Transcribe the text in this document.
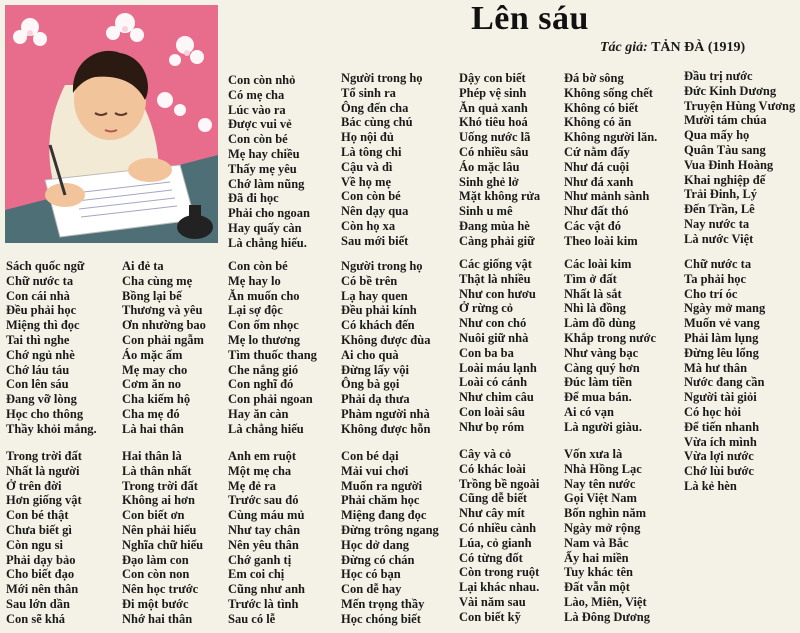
Lên sáu
Tác giả: TẢN ĐÀ (1919)
Con còn nhỏ
Có mẹ cha
Lúc vào ra
Được vui vẻ
Con còn bé
Mẹ hay chiều
Thấy mẹ yêu
Chớ làm nũng
Đã đi học
Phải cho ngoan
Hay quấy càn
Là chẳng hiếu.
Người trong họ
Tổ sinh ra
Ông đến cha
Bác cùng chú
Họ nội đủ
Là tông chi
Cậu và dì
Về họ mẹ
Con còn bé
Nên dạy qua
Còn họ xa
Sau mới biết
Dậy con biết
Phép vệ sinh
Ăn quả xanh
Khó tiêu hoá
Uống nước lã
Có nhiều sâu
Áo mặc lâu
Sinh ghẻ lở
Mặt không rửa
Sinh u mê
Đang mùa hè
Càng phải giữ
Đá bờ sông
Không sống chết
Không có biết
Không có ăn
Không người lăn.
Cứ nằm đấy
Như đá cuội
Như đá xanh
Như mảnh sành
Như đất thó
Các vật đó
Theo loài kim
Đầu trị nước
Đức Kinh Dương
Truyện Hùng Vương
Mười tám chúa
Qua mấy họ
Quân Tàu sang
Vua Đinh Hoàng
Khai nghiệp đế
Trải Đinh, Lý
Đến Trần, Lê
Nay nước ta
Là nước Việt
Sách quốc ngữ
Chữ nước ta
Con cái nhà
Đều phải học
Miệng thì đọc
Tai thì nghe
Chớ ngủ nhè
Chớ láu táu
Con lên sáu
Đang vỡ lòng
Học cho thông
Thầy khỏi mắng.
Ai đẻ ta
Cha cùng mẹ
Bồng lại bế
Thương và yêu
Ơn nhường bao
Con phải ngẫm
Áo mặc ấm
Mẹ may cho
Cơm ăn no
Cha kiếm hộ
Cha mẹ đó
Là hai thân
Con còn bé
Mẹ hay lo
Ăn muốn cho
Lại sợ độc
Con ốm nhọc
Mẹ lo thương
Tìm thuốc thang
Che nắng gió
Con nghĩ đó
Con phải ngoan
Hay ăn càn
Là chẳng hiếu
Người trong họ
Có bề trên
Lạ hay quen
Đều phải kính
Có khách đến
Không được đùa
Ai cho quà
Đừng lấy vội
Ông bà gọi
Phải dạ thưa
Phàm người nhà
Không được hỗn
Các giống vật
Thật là nhiều
Như con hươu
Ở rừng cỏ
Như con chó
Nuôi giữ nhà
Con ba ba
Loài máu lạnh
Loài có cánh
Như chim câu
Con loài sâu
Như bọ róm
Các loài kim
Tìm ở đất
Nhất là sắt
Nhì là đồng
Làm đồ dùng
Khắp trong nước
Như vàng bạc
Càng quý hơn
Đúc làm tiền
Để mua bán.
Ai có vạn
Là người giàu.
Chữ nước ta
Ta phải học
Cho trí óc
Ngày mở mang
Muốn vẻ vang
Phải làm lụng
Đừng lêu lổng
Mà hư thân
Nước đang cần
Người tài giỏi
Có học hỏi
Để tiến nhanh
Vừa ích mình
Vừa lợi nước
Chớ lùi bước
Là kẻ hèn
Trong trời đất
Nhất là người
Ở trên đời
Hơn giống vật
Con bé thật
Chưa biết gì
Còn ngu si
Phải dạy bảo
Cho biết đạo
Mới nên thân
Sau lớn dần
Con sẽ khá
Hai thân là
Là thân nhất
Trong trời đất
Không ai hơn
Con biết ơn
Nên phải hiếu
Nghĩa chữ hiếu
Đạo làm con
Con còn non
Nên học trước
Đi một bước
Nhớ hai thân
Anh em ruột
Một mẹ cha
Mẹ đẻ ra
Trước sau đó
Cùng máu mủ
Như tay chân
Nên yêu thân
Chớ ganh tị
Em coi chị
Cũng như anh
Trước là tình
Sau có lễ
Con bé dại
Mải vui chơi
Muốn ra người
Phải chăm học
Miệng đang đọc
Đừng trông ngang
Học dở dang
Đừng có chán
Học có bạn
Con dễ hay
Mến trọng thầy
Học chóng biết
Cây và cỏ
Có khác loài
Trồng bề ngoài
Cũng dễ biết
Như cây mít
Có nhiều cành
Lúa, cỏ gianh
Có từng đốt
Còn trong ruột
Lại khác nhau.
Vài năm sau
Con biết kỹ
Vốn xưa là
Nhà Hồng Lạc
Nay tên nước
Gọi Việt Nam
Bốn nghìn năm
Ngày mở rộng
Nam và Bắc
Ấy hai miền
Tuy khác tên
Đất vẫn một
Lào, Miên, Việt
Là Đông Dương
